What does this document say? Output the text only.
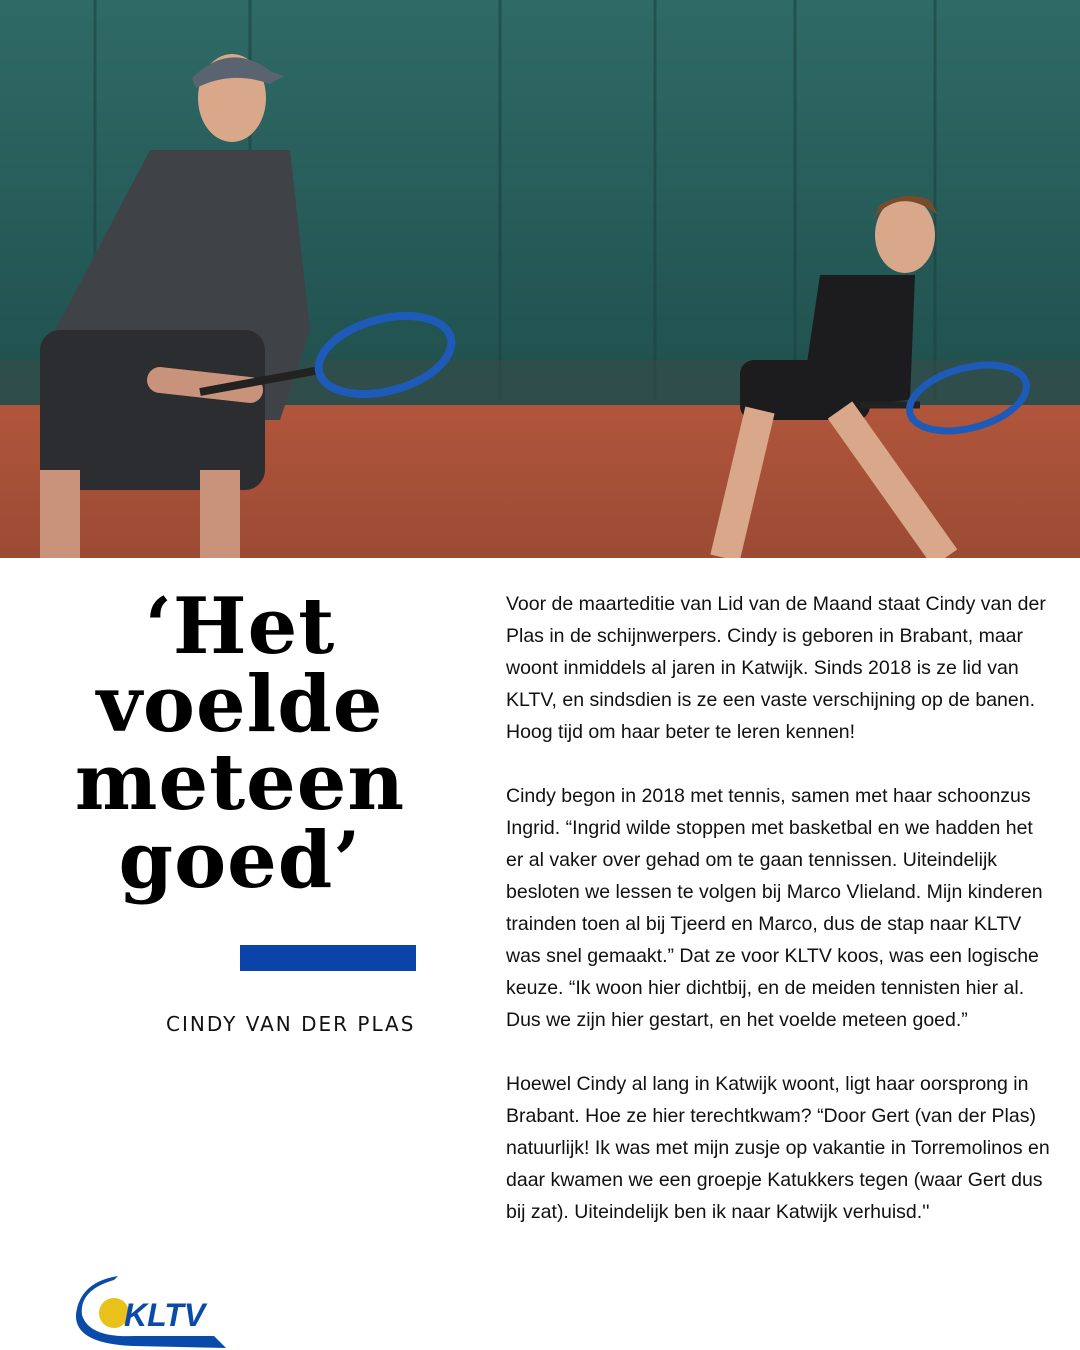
‘Het
voelde
meteen
goed’
CINDY VAN DER PLAS

Voor de maarteditie van Lid van de Maand staat Cindy van der Plas in de schijnwerpers. Cindy is geboren in Brabant, maar woont inmiddels al jaren in Katwijk. Sinds 2018 is ze lid van KLTV, en sindsdien is ze een vaste verschijning op de banen. Hoog tijd om haar beter te leren kennen!

Cindy begon in 2018 met tennis, samen met haar schoonzus Ingrid. “Ingrid wilde stoppen met basketbal en we hadden het er al vaker over gehad om te gaan tennissen. Uiteindelijk besloten we lessen te volgen bij Marco Vlieland. Mijn kinderen trainden toen al bij Tjeerd en Marco, dus de stap naar KLTV was snel gemaakt.” Dat ze voor KLTV koos, was een logische keuze. “Ik woon hier dichtbij, en de meiden tennisten hier al. Dus we zijn hier gestart, en het voelde meteen goed.”

Hoewel Cindy al lang in Katwijk woont, ligt haar oorsprong in Brabant. Hoe ze hier terechtkwam? “Door Gert (van der Plas) natuurlijk! Ik was met mijn zusje op vakantie in Torremolinos en daar kwamen we een groepje Katukkers tegen (waar Gert dus bij zat). Uiteindelijk ben ik naar Katwijk verhuisd.''

KLTV
